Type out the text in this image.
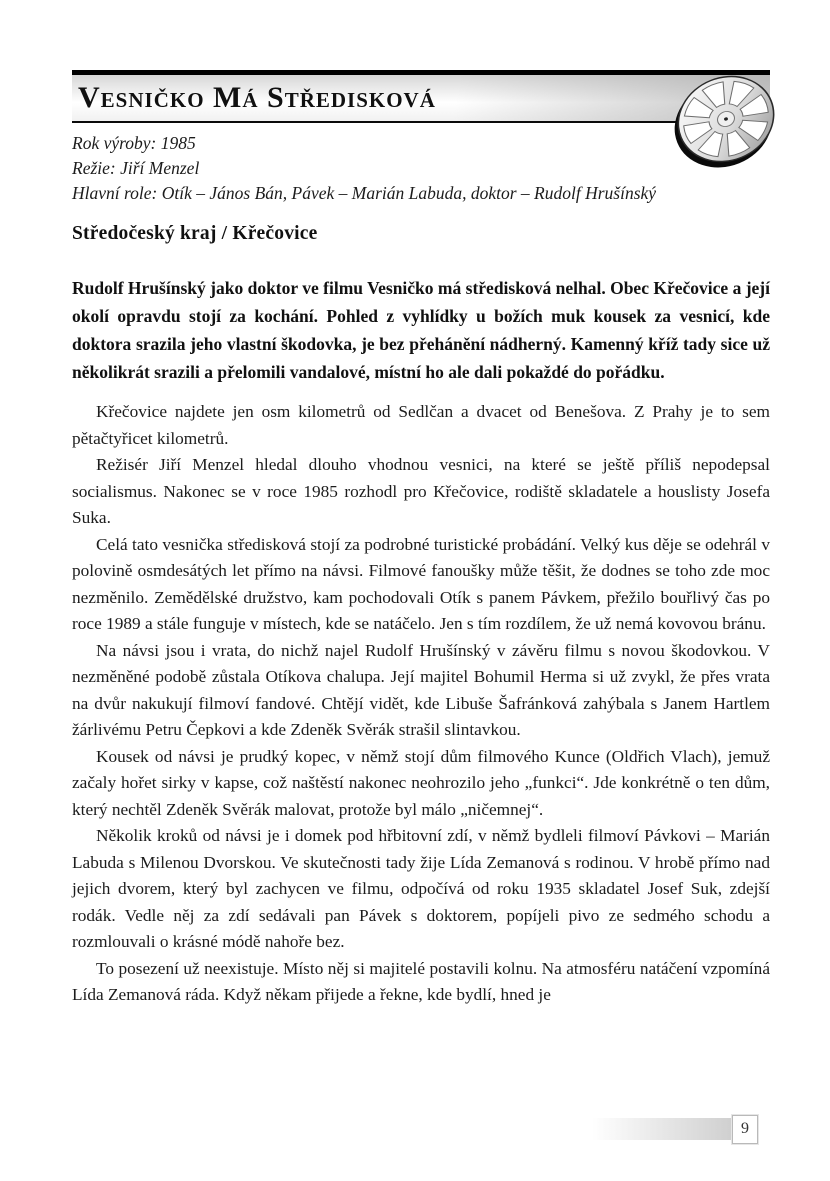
Vesničko Má Středisková

Rok výroby: 1985

Režie: Jiří Menzel

Hlavní role: Otík – János Bán, Pávek – Marián Labuda, doktor – Rudolf Hrušínský

Středočeský kraj / Křečovice

Rudolf Hrušínský jako doktor ve filmu Vesničko má středisková nelhal. Obec Křečovice a její okolí opravdu stojí za kochání. Pohled z vyhlídky u božích muk kousek za vesnicí, kde doktora srazila jeho vlastní škodovka, je bez přehánění nádherný. Kamenný kříž tady sice už několikrát srazili a přelomili vandalové, místní ho ale dali pokaždé do pořádku.

Křečovice najdete jen osm kilometrů od Sedlčan a dvacet od Benešova. Z Prahy je to sem pětačtyřicet kilometrů.

Režisér Jiří Menzel hledal dlouho vhodnou vesnici, na které se ještě příliš nepodepsal socialismus. Nakonec se v roce 1985 rozhodl pro Křečovice, rodiště skladatele a houslisty Josefa Suka.

Celá tato vesnička středisková stojí za podrobné turistické probádání. Velký kus děje se odehrál v polovině osmdesátých let přímo na návsi. Filmové fanoušky může těšit, že dodnes se toho zde moc nezměnilo. Zemědělské družstvo, kam pochodovali Otík s panem Pávkem, přežilo bouřlivý čas po roce 1989 a stále funguje v místech, kde se natáčelo. Jen s tím rozdílem, že už nemá kovovou bránu.

Na návsi jsou i vrata, do nichž najel Rudolf Hrušínský v závěru filmu s novou škodovkou. V nezměněné podobě zůstala Otíkova chalupa. Její majitel Bohumil Herma si už zvykl, že přes vrata na dvůr nakukují filmoví fandové. Chtějí vidět, kde Libuše Šafránková zahýbala s Janem Hartlem žárlivému Petru Čepkovi a kde Zdeněk Svěrák strašil slintavkou.

Kousek od návsi je prudký kopec, v němž stojí dům filmového Kunce (Oldřich Vlach), jemuž začaly hořet sirky v kapse, což naštěstí nakonec neohrozilo jeho „funkci“. Jde konkrétně o ten dům, který nechtěl Zdeněk Svěrák malovat, protože byl málo „ničemnej“.

Několik kroků od návsi je i domek pod hřbitovní zdí, v němž bydleli filmoví Pávkovi – Marián Labuda s Milenou Dvorskou. Ve skutečnosti tady žije Lída Zemanová s rodinou. V hrobě přímo nad jejich dvorem, který byl zachycen ve filmu, odpočívá od roku 1935 skladatel Josef Suk, zdejší rodák. Vedle něj za zdí sedávali pan Pávek s doktorem, popíjeli pivo ze sedmého schodu a rozmlouvali o krásné módě nahoře bez.

To posezení už neexistuje. Místo něj si majitelé postavili kolnu. Na atmosféru natáčení vzpomíná Lída Zemanová ráda. Když někam přijede a řekne, kde bydlí, hned je

9
